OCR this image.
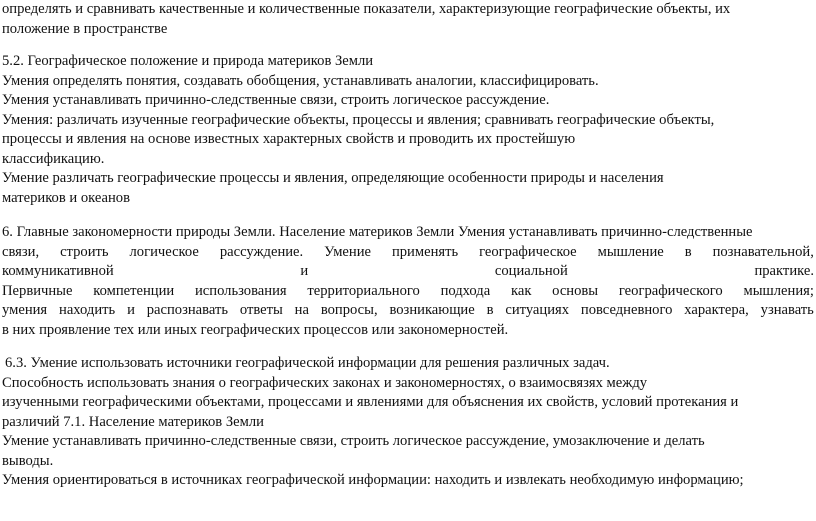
определять и сравнивать качественные и количественные показатели, характеризующие географические объекты, их
положение в пространстве
5.2. Географическое положение и природа материков Земли
Умения определять понятия, создавать обобщения, устанавливать аналогии, классифицировать.
Умения устанавливать причинно-следственные связи, строить логическое рассуждение.
Умения: различать изученные географические объекты, процессы и явления; сравнивать географические объекты,
процессы и явления на основе известных характерных свойств и проводить их простейшую
классификацию.
Умение различать географические процессы и явления, определяющие особенности природы и населения
материков и океанов
6. Главные закономерности природы Земли. Население материков Земли Умения устанавливать причинно-следственные
связи, строить логическое рассуждение. Умение применять географическое мышление в познавательной,
коммуникативной	и	социальной	практике.
Первичные компетенции использования территориального подхода как основы географического мышления;
умения находить и распознавать ответы на вопросы, возникающие в ситуациях повседневного характера, узнавать
в них проявление тех или иных географических процессов или закономерностей.
6.3. Умение использовать источники географической информации для решения различных задач.
Способность использовать знания о географических законах и закономерностях, о взаимосвязях между
изученными географическими объектами, процессами и явлениями для объяснения их свойств, условий протекания и
различий 7.1. Население материков Земли
Умение устанавливать причинно-следственные связи, строить логическое рассуждение, умозаключение и делать
выводы.
Умения ориентироваться в источниках географической информации: находить и извлекать необходимую информацию;
